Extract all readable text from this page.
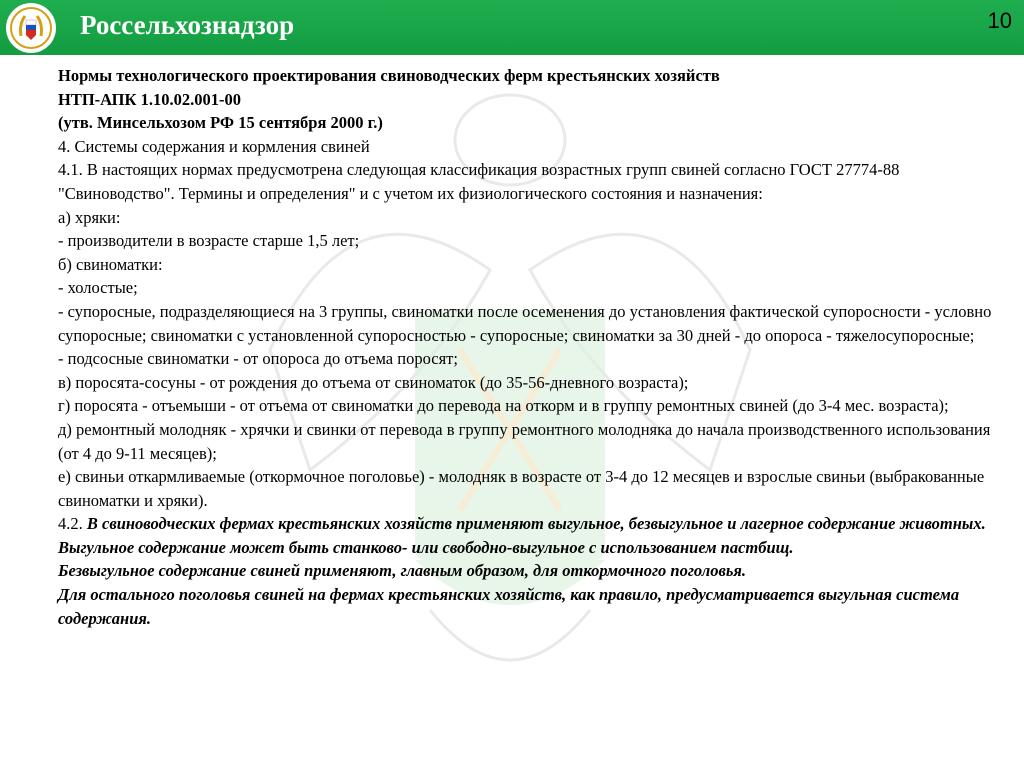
Россельхознадзор	10

Нормы технологического проектирования свиноводческих ферм крестьянских хозяйств

НТП-АПК 1.10.02.001-00

(утв. Минсельхозом РФ 15 сентября 2000 г.)

4. Системы содержания и кормления свиней

4.1. В настоящих нормах предусмотрена следующая классификация возрастных групп свиней согласно ГОСТ 27774-88 "Свиноводство". Термины и определения" и с учетом их физиологического состояния и назначения:

а) хряки:

- производители в возрасте старше 1,5 лет;

б) свиноматки:

- холостые;

- супоросные, подразделяющиеся на 3 группы, свиноматки после осеменения до установления фактической супоросности - условно супоросные; свиноматки с установленной супоросностью - супоросные; свиноматки за 30 дней - до опороса - тяжелосупоросные;

- подсосные свиноматки - от опороса до отъема поросят;

в) поросята-сосуны - от рождения до отъема от свиноматок (до 35-56-дневного возраста);

г) поросята - отъемыши - от отъема от свиноматки до перевода на откорм и в группу ремонтных свиней (до 3-4 мес. возраста);

д) ремонтный молодняк - хрячки и свинки от перевода в группу ремонтного молодняка до начала производственного использования (от 4 до 9-11 месяцев);

е) свиньи откармливаемые (откормочное поголовье) - молодняк в возрасте от 3-4 до 12 месяцев и взрослые свиньи (выбракованные свиноматки и хряки).

4.2. В свиноводческих фермах крестьянских хозяйств применяют выгульное, безвыгульное и лагерное содержание животных.

Выгульное содержание может быть станково- или свободно-выгульное с использованием пастбищ.

Безвыгульное содержание свиней применяют, главным образом, для откормочного поголовья.

Для остального поголовья свиней на фермах крестьянских хозяйств, как правило, предусматривается выгульная система содержания.
